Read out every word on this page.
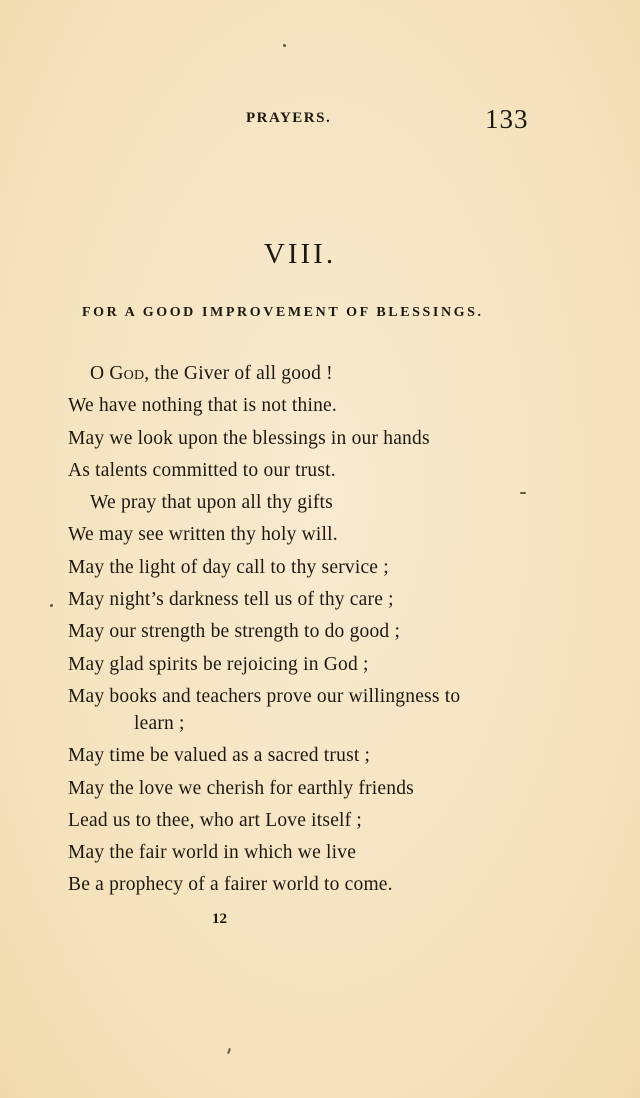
PRAYERS.	133
VIII.
FOR A GOOD IMPROVEMENT OF BLESSINGS.
O God, the Giver of all good !
We have nothing that is not thine.
May we look upon the blessings in our hands
As talents committed to our trust.
We pray that upon all thy gifts
We may see written thy holy will.
May the light of day call to thy service ;
May night’s darkness tell us of thy care ;
May our strength be strength to do good ;
May glad spirits be rejoicing in God ;
May books and teachers prove our willingness to
learn ;
May time be valued as a sacred trust ;
May the love we cherish for earthly friends
Lead us to thee, who art Love itself ;
May the fair world in which we live
Be a prophecy of a fairer world to come.
12
